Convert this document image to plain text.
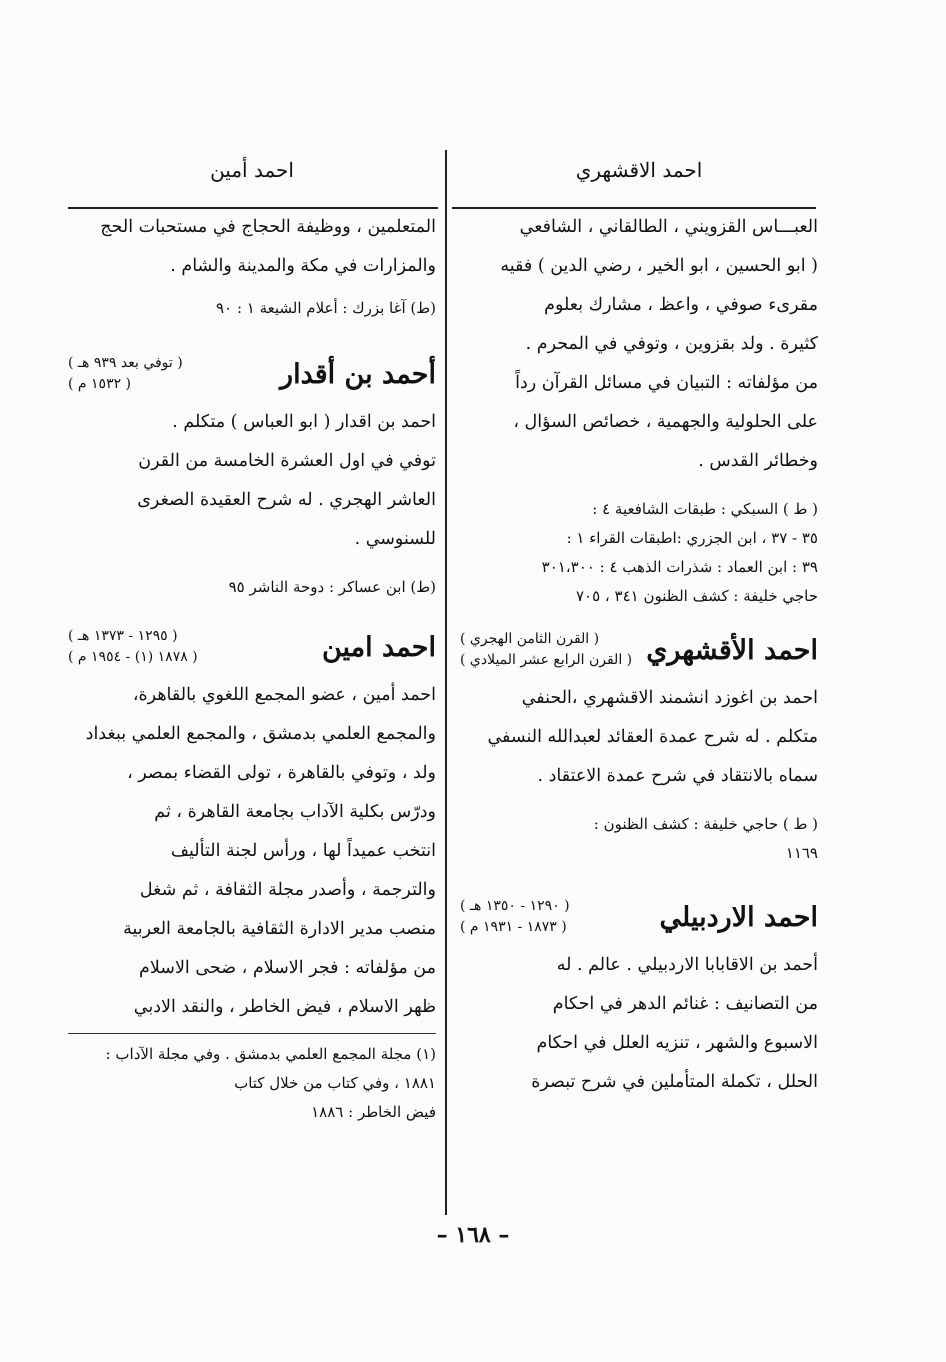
احمد الاقشهري

العبـــاس القزويني ، الطالقاني ، الشافعي

( ابو الحسين ، ابو الخير ، رضي الدين ) فقيه

مقرىء صوفي ، واعظ ، مشارك بعلوم

كثيرة . ولد بقزوين ، وتوفي في المحرم .

من مؤلفاته : التبيان في مسائل القرآن رداً

على الحلولية والجهمية ، خصائص السؤال ،

وخطائر القدس .

( ط ) السبكي : طبقات الشافعية ٤ :

٣٥ - ٣٧ ، ابن الجزري :اطبقات القراء ١ :

٣٩ : ابن العماد : شذرات الذهب ٤ : ٣٠١،٣٠٠

حاجي خليفة : كشف الظنون ٣٤١ ، ٧٠٥

احمد الأقشهري
( القرن الثامن الهجري )
( القرن الرابع عشر الميلادي )

احمد بن اغوزد انشمند الاقشهري ،الحنفي

متكلم . له شرح عمدة العقائد لعبدالله النسفي

سماه بالانتقاد في شرح عمدة الاعتقاد .

( ط ) حاجي خليفة : كشف الظنون :

١١٦٩

احمد الاردبيلي
( ١٢٩٠ - ١٣٥٠ هـ )
( ١٨٧٣ - ١٩٣١ م )

أحمد بن الاقابابا الاردبيلي . عالم . له

من التصانيف : غنائم الدهر في احكام

الاسبوع والشهر ، تنزيه العلل في احكام

الحلل ، تكملة المتأملين في شرح تبصرة

احمد أمين

المتعلمين ، ووظيفة الحجاج في مستحبات الحج

والمزارات في مكة والمدينة والشام .

(ط) آغا بزرك : أعلام الشيعة ١ : ٩٠

أحمد بن أقدار
( توفي بعد ٩٣٩ هـ )
( ١٥٣٢ م )

احمد بن اقدار ( ابو العباس ) متكلم .

توفي في اول العشرة الخامسة من القرن

العاشر الهجري . له شرح العقيدة الصغرى

للسنوسي .

(ط) ابن عساكر : دوحة الناشر ٩٥

احمد امين
( ١٢٩٥ - ١٣٧٣ هـ )
( ١٨٧٨ (١) - ١٩٥٤ م )

احمد أمين ، عضو المجمع اللغوي بالقاهرة،

والمجمع العلمي بدمشق ، والمجمع العلمي ببغداد

ولد ، وتوفي بالقاهرة ، تولى القضاء بمصر ،

ودرّس بكلية الآداب بجامعة القاهرة ، ثم

انتخب عميداً لها ، ورأس لجنة التأليف

والترجمة ، وأصدر مجلة الثقافة ، ثم شغل

منصب مدير الادارة الثقافية بالجامعة العربية

من مؤلفاته : فجر الاسلام ، ضحى الاسلام

ظهر الاسلام ، فيض الخاطر ، والنقد الادبي

(١) مجلة المجمع العلمي بدمشق . وفي مجلة الآداب :

١٨٨١ ، وفي كتاب من خلال كتاب

فيض الخاطر : ١٨٨٦

– ١٦٨ –
